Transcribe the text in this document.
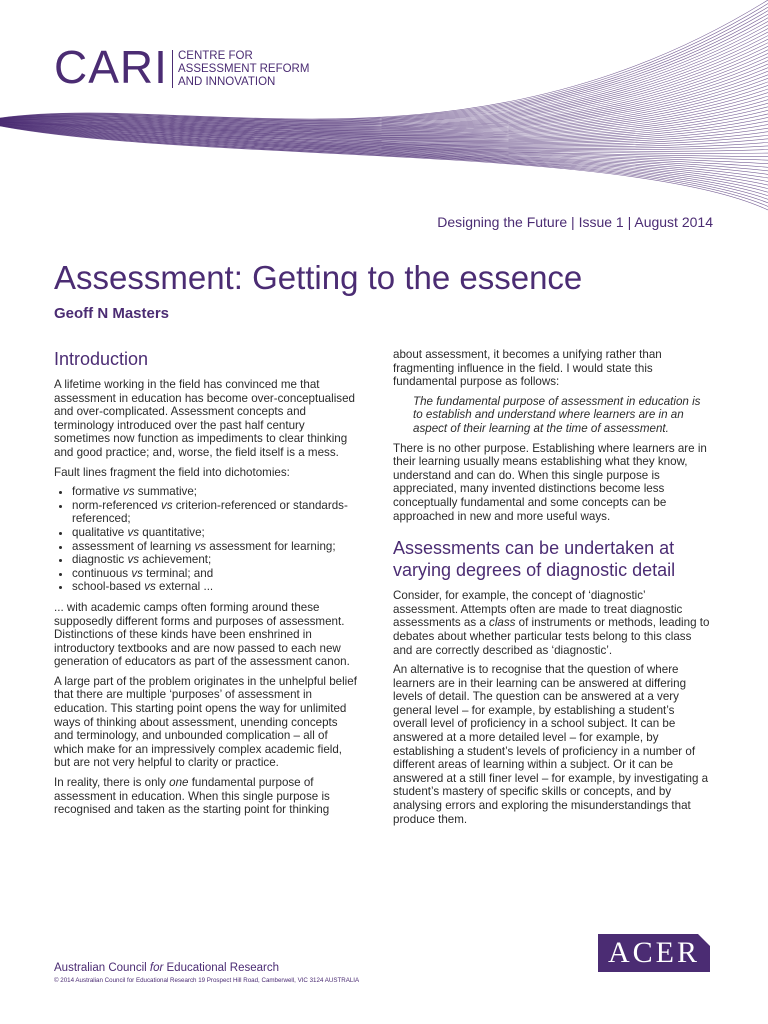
CARI CENTRE FOR
ASSESSMENT REFORM
AND INNOVATION
Designing the Future | Issue 1 | August 2014
Assessment: Getting to the essence
Geoff N Masters
Introduction

A lifetime working in the field has convinced me that assessment in education has become over-conceptualised and over-complicated. Assessment concepts and terminology introduced over the past half century sometimes now function as impediments to clear thinking and good practice; and, worse, the field itself is a mess.

Fault lines fragment the field into dichotomies:

• formative vs summative;
• norm-referenced vs criterion-referenced or standards-referenced;
• qualitative vs quantitative;
• assessment of learning vs assessment for learning;
• diagnostic vs achievement;
• continuous vs terminal; and
• school-based vs external ...

... with academic camps often forming around these supposedly different forms and purposes of assessment. Distinctions of these kinds have been enshrined in introductory textbooks and are now passed to each new generation of educators as part of the assessment canon.

A large part of the problem originates in the unhelpful belief that there are multiple ‘purposes’ of assessment in education. This starting point opens the way for unlimited ways of thinking about assessment, unending concepts and terminology, and unbounded complication – all of which make for an impressively complex academic field, but are not very helpful to clarity or practice.

In reality, there is only one fundamental purpose of assessment in education. When this single purpose is recognised and taken as the starting point for thinking

about assessment, it becomes a unifying rather than fragmenting influence in the field. I would state this fundamental purpose as follows:

The fundamental purpose of assessment in education is to establish and understand where learners are in an aspect of their learning at the time of assessment.

There is no other purpose. Establishing where learners are in their learning usually means establishing what they know, understand and can do. When this single purpose is appreciated, many invented distinctions become less conceptually fundamental and some concepts can be approached in new and more useful ways.

Assessments can be undertaken at varying degrees of diagnostic detail

Consider, for example, the concept of ‘diagnostic’ assessment. Attempts often are made to treat diagnostic assessments as a class of instruments or methods, leading to debates about whether particular tests belong to this class and are correctly described as ‘diagnostic’.

An alternative is to recognise that the question of where learners are in their learning can be answered at differing levels of detail. The question can be answered at a very general level – for example, by establishing a student’s overall level of proficiency in a school subject. It can be answered at a more detailed level – for example, by establishing a student’s levels of proficiency in a number of different areas of learning within a subject. Or it can be answered at a still finer level – for example, by investigating a student’s mastery of specific skills or concepts, and by analysing errors and exploring the misunderstandings that produce them.

Australian Council for Educational Research
© 2014 Australian Council for Educational Research 19 Prospect Hill Road, Camberwell, VIC 3124 AUSTRALIA
ACER
